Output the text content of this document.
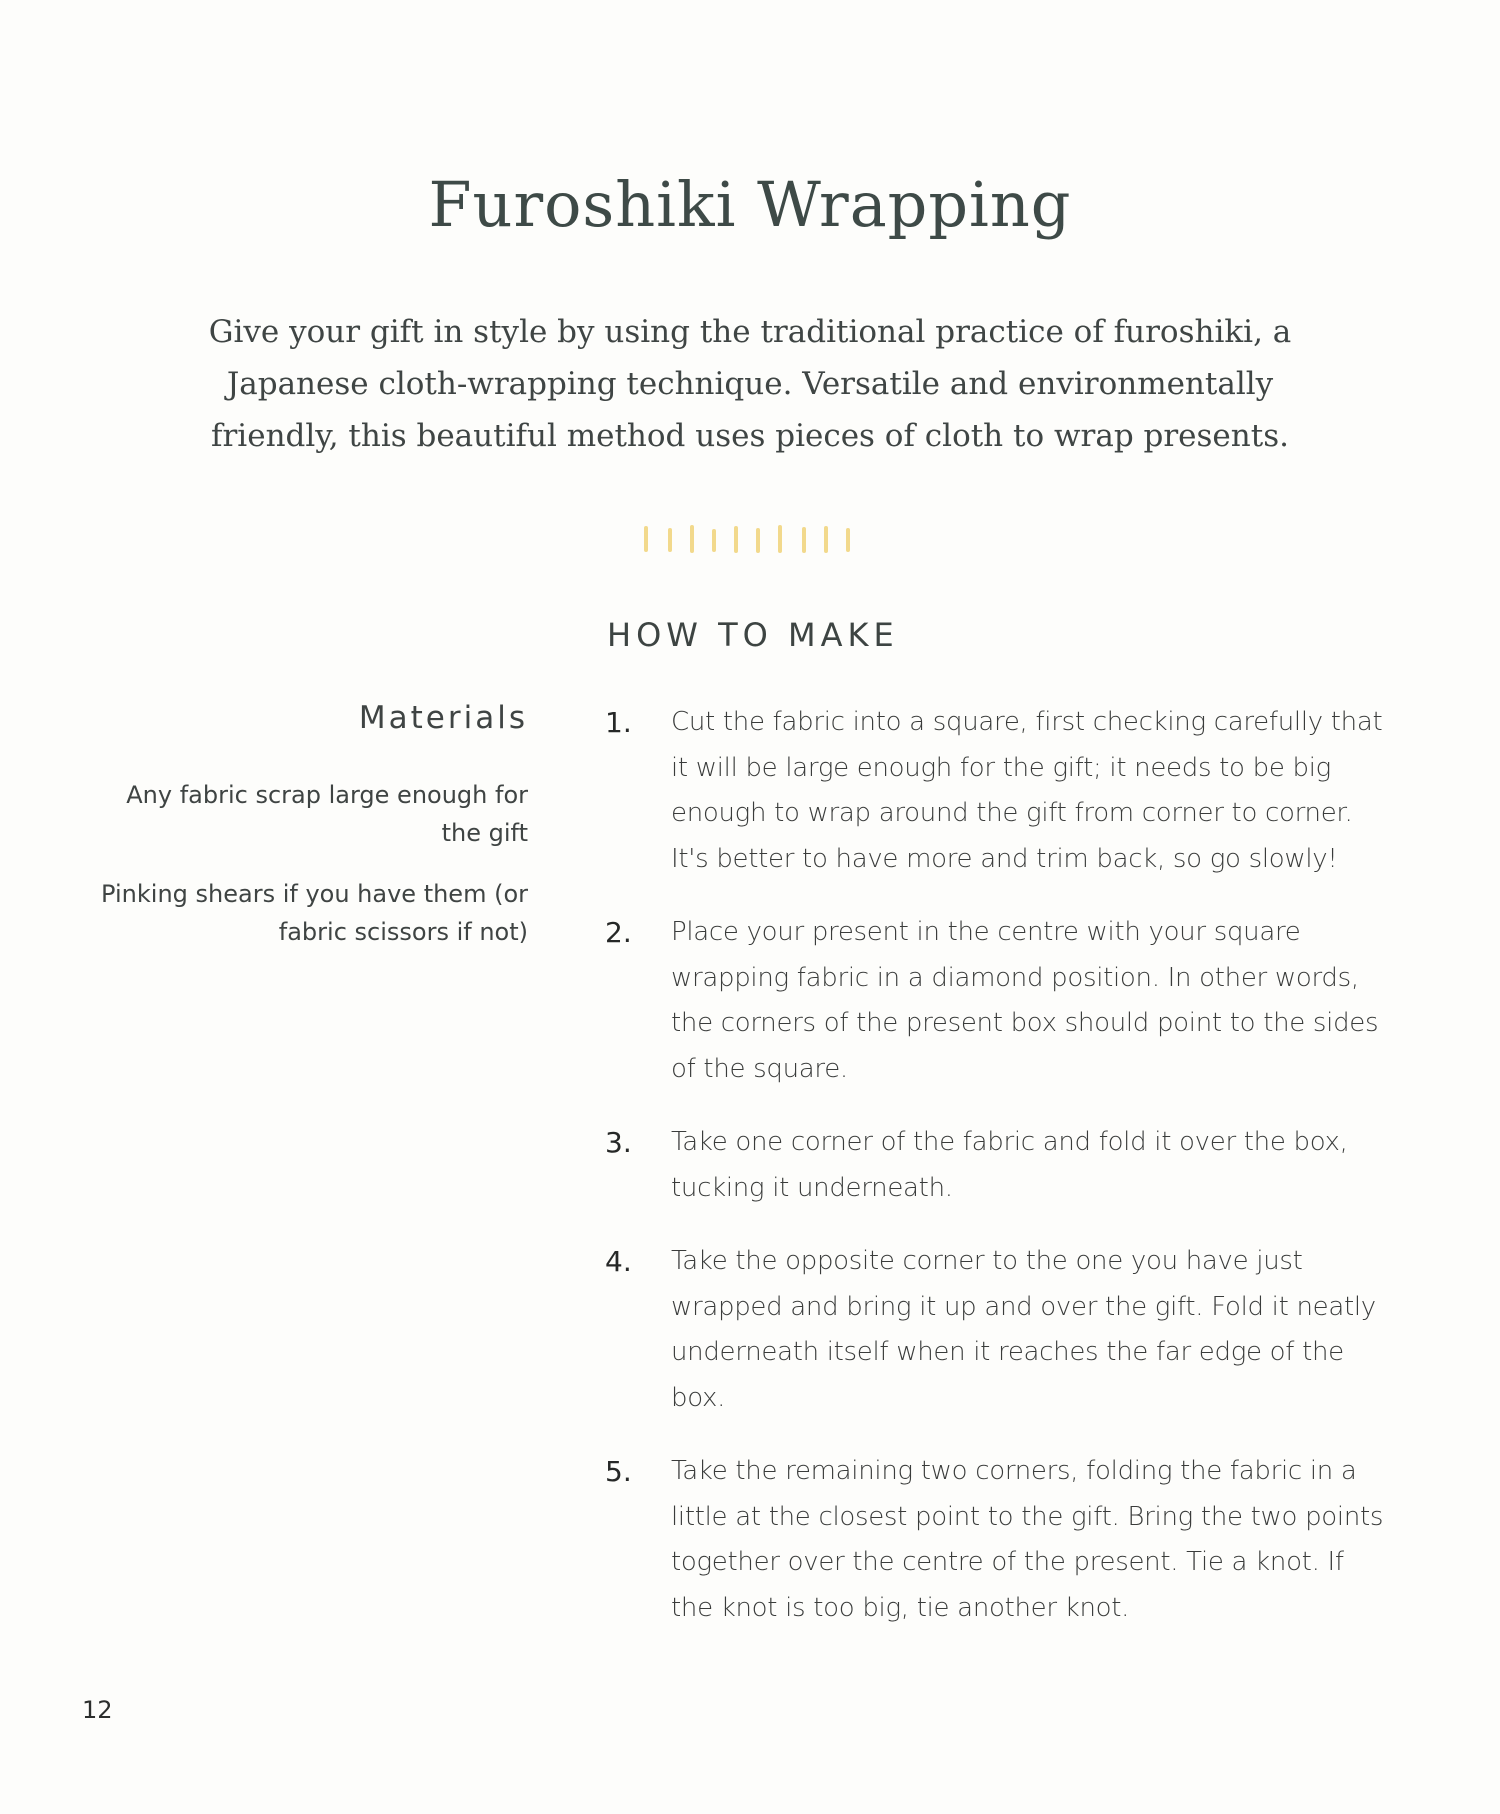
Furoshiki Wrapping

Give your gift in style by using the traditional practice of furoshiki, a Japanese cloth-wrapping technique. Versatile and environmentally friendly, this beautiful method uses pieces of cloth to wrap presents.

HOW TO MAKE
Materials
Any fabric scrap large enough for the gift
Pinking shears if you have them (or fabric scissors if not)
1.	Cut the fabric into a square, first checking carefully that it will be large enough for the gift; it needs to be big enough to wrap around the gift from corner to corner. It's better to have more and trim back, so go slowly!
2.	Place your present in the centre with your square wrapping fabric in a diamond position. In other words, the corners of the present box should point to the sides of the square.
3.	Take one corner of the fabric and fold it over the box, tucking it underneath.
4.	Take the opposite corner to the one you have just wrapped and bring it up and over the gift. Fold it neatly underneath itself when it reaches the far edge of the box.
5.	Take the remaining two corners, folding the fabric in a little at the closest point to the gift. Bring the two points together over the centre of the present. Tie a knot. If the knot is too big, tie another knot.
12
